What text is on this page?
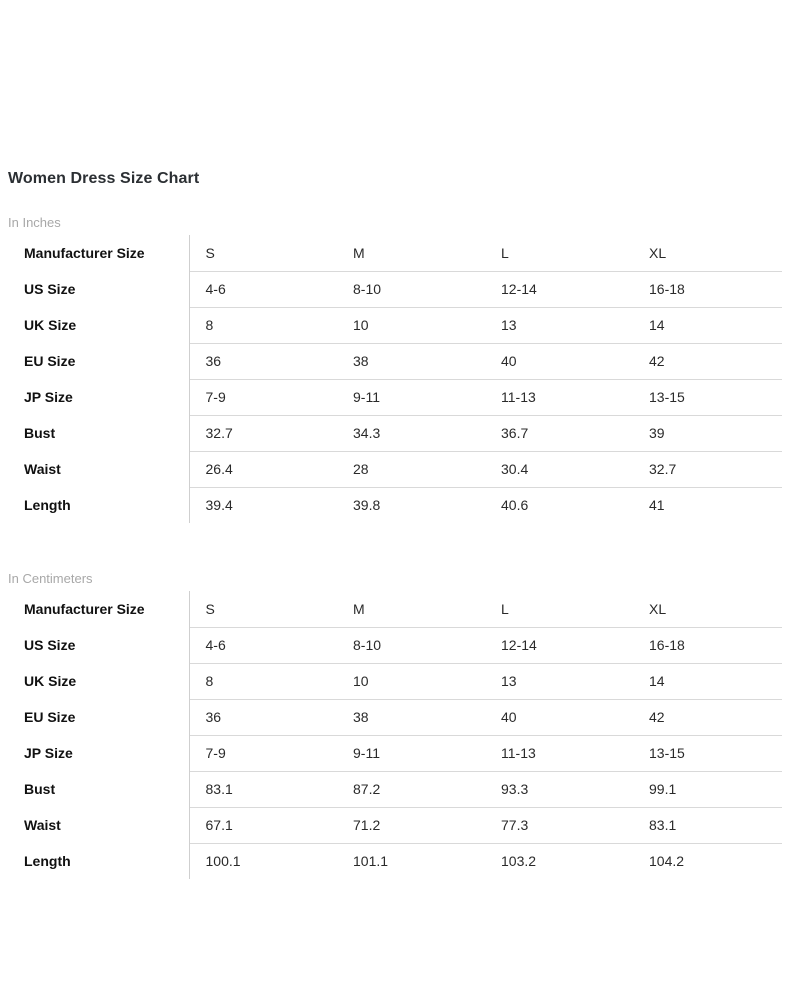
Women Dress Size Chart
In Inches
Manufacturer Size	S	M	L	XL
US Size	4-6	8-10	12-14	16-18
UK Size	8	10	13	14
EU Size	36	38	40	42
JP Size	7-9	9-11	11-13	13-15
Bust	32.7	34.3	36.7	39
Waist	26.4	28	30.4	32.7
Length	39.4	39.8	40.6	41
In Centimeters
Manufacturer Size	S	M	L	XL
US Size	4-6	8-10	12-14	16-18
UK Size	8	10	13	14
EU Size	36	38	40	42
JP Size	7-9	9-11	11-13	13-15
Bust	83.1	87.2	93.3	99.1
Waist	67.1	71.2	77.3	83.1
Length	100.1	101.1	103.2	104.2
